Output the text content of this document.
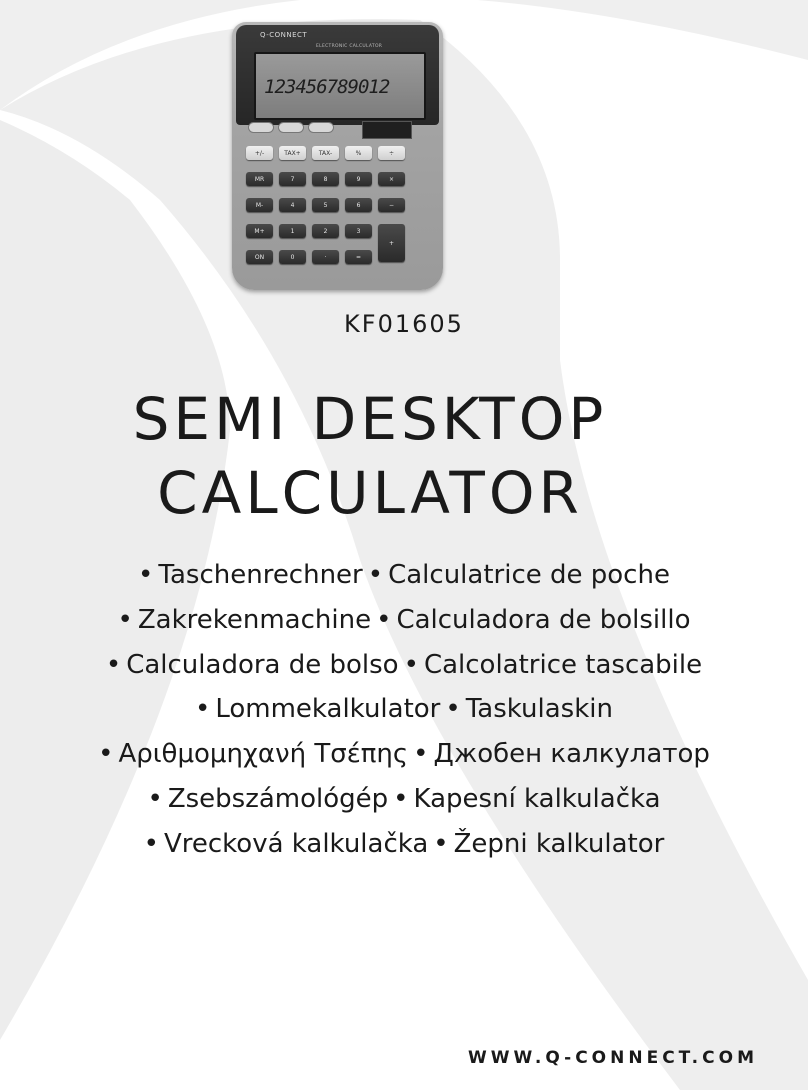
Q-CONNECT
ELECTRONIC CALCULATOR
123456789012
+/-	TAX+	TAX-	%	÷
MR	7	8	9	×
M-	4	5	6	−
M+	1	2	3
+
ON	0	·	=
KF01605
SEMI DESKTOP
CALCULATOR
• Taschenrechner • Calculatrice de poche
• Zakrekenmachine • Calculadora de bolsillo
• Calculadora de bolso • Calcolatrice tascabile
• Lommekalkulator • Taskulaskin
• Αριθμομηχανή Τσέπης • Джобен калкулатор
• Zsebszámológép • Kapesní kalkulačka
• Vrecková kalkulačka • Žepni kalkulator
WWW.Q-CONNECT.COM
